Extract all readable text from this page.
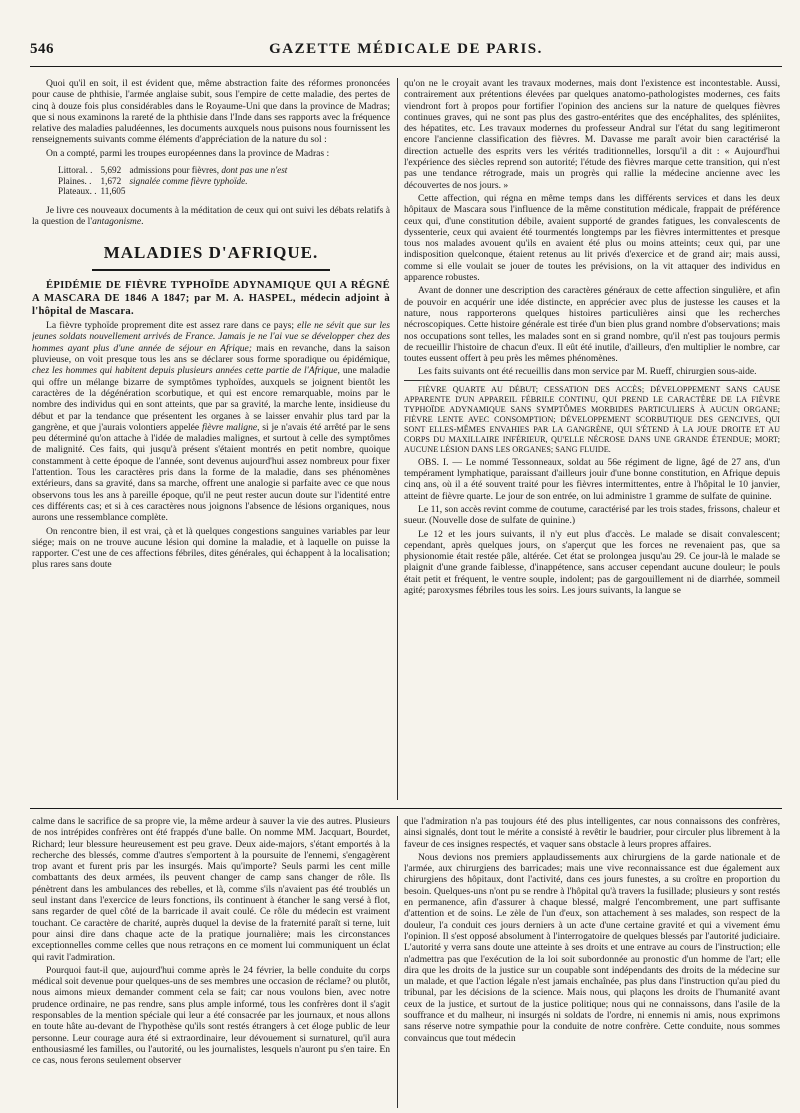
546	GAZETTE MÉDICALE DE PARIS.

Quoi qu'il en soit, il est évident que, même abstraction faite des réformes prononcées pour cause de phthisie, l'armée anglaise subit, sous l'empire de cette maladie, des pertes de cinq à douze fois plus considérables dans le Royaume-Uni que dans la province de Madras; que si nous examinons la rareté de la phthisie dans l'Inde dans ses rapports avec la fréquence relative des maladies paludéennes, les documents auxquels nous puisons nous fournissent les renseignements suivants comme éléments d'appréciation de la nature du sol :

On a compté, parmi les troupes européennes dans la province de Madras :

Littoral. .	5,692	admissions pour fièvres, dont pas une n'est
Plaines. .	1,672	signalée comme fièvre typhoïde.
Plateaux. .	11,605	

Je livre ces nouveaux documents à la méditation de ceux qui ont suivi les débats relatifs à la question de l'antagonisme.

MALADIES D'AFRIQUE.

ÉPIDÉMIE DE FIÈVRE TYPHOÏDE ADYNAMIQUE QUI A RÉGNÉ A MASCARA DE 1846 A 1847; par M. A. HASPEL, médecin adjoint à l'hôpital de Mascara.

La fièvre typhoïde proprement dite est assez rare dans ce pays; elle ne sévit que sur les jeunes soldats nouvellement arrivés de France. Jamais je ne l'ai vue se développer chez des hommes ayant plus d'une année de séjour en Afrique; mais en revanche, dans la saison pluvieuse, on voit presque tous les ans se déclarer sous forme sporadique ou épidémique, chez les hommes qui habitent depuis plusieurs années cette partie de l'Afrique, une maladie qui offre un mélange bizarre de symptômes typhoïdes, auxquels se joignent bientôt les caractères de la dégénération scorbutique, et qui est encore remarquable, moins par le nombre des individus qui en sont atteints, que par sa gravité, la marche lente, insidieuse du début et par la tendance que présentent les organes à se laisser envahir plus tard par la gangrène, et que j'aurais volontiers appelée fièvre maligne, si je n'avais été arrêté par le sens peu déterminé qu'on attache à l'idée de maladies malignes, et surtout à celle des symptômes de malignité. Ces faits, qui jusqu'à présent s'étaient montrés en petit nombre, quoique constamment à cette époque de l'année, sont devenus aujourd'hui assez nombreux pour fixer l'attention. Tous les caractères pris dans la forme de la maladie, dans ses phénomènes extérieurs, dans sa gravité, dans sa marche, offrent une analogie si parfaite avec ce que nous observons tous les ans à pareille époque, qu'il ne peut rester aucun doute sur l'identité entre ces différents cas; et si à ces caractères nous joignons l'absence de lésions organiques, nous aurons une ressemblance complète.

On rencontre bien, il est vrai, çà et là quelques congestions sanguines variables par leur siége; mais on ne trouve aucune lésion qui domine la maladie, et à laquelle on puisse la rapporter. C'est une de ces affections fébriles, dites générales, qui échappent à la localisation; plus rares sans doute

qu'on ne le croyait avant les travaux modernes, mais dont l'existence est incontestable. Aussi, contrairement aux prétentions élevées par quelques anatomo-pathologistes modernes, ces faits viendront fort à propos pour fortifier l'opinion des anciens sur la nature de quelques fièvres continues graves, qui ne sont pas plus des gastro-entérites que des encéphalites, des spléniites, des hépatites, etc. Les travaux modernes du professeur Andral sur l'état du sang legitimeront encore l'ancienne classification des fièvres. M. Davasse me paraît avoir bien caractérisé la direction actuelle des esprits vers les vérités traditionnelles, lorsqu'il a dit : « Aujourd'hui l'expérience des siècles reprend son autorité; l'étude des fièvres marque cette transition, qui n'est pas une tendance rétrograde, mais un progrès qui rallie la médecine ancienne avec les découvertes de nos jours. »

Cette affection, qui régna en même temps dans les différents services et dans les deux hôpitaux de Mascara sous l'influence de la même constitution médicale, frappait de préférence ceux qui, d'une constitution débile, avaient supporté de grandes fatigues, les convalescents de dyssenterie, ceux qui avaient été tourmentés longtemps par les fièvres intermittentes et presque tous nos malades avouent qu'ils en avaient été plus ou moins atteints; ceux qui, par une indisposition quelconque, étaient retenus au lit privés d'exercice et de grand air; mais aussi, comme si elle voulait se jouer de toutes les prévisions, on la vit attaquer des individus en apparence robustes.

Avant de donner une description des caractères généraux de cette affection singulière, et afin de pouvoir en acquérir une idée distincte, en apprécier avec plus de justesse les causes et la nature, nous rapporterons quelques histoires particulières ainsi que les recherches nécroscopiques. Cette histoire générale est tirée d'un bien plus grand nombre d'observations; mais nos occupations sont telles, les malades sont en si grand nombre, qu'il n'est pas toujours permis de recueillir l'histoire de chacun d'eux. Il eût été inutile, d'ailleurs, d'en multiplier le nombre, car toutes eussent offert à peu près les mêmes phénomènes.

Les faits suivants ont été recueillis dans mon service par M. Rueff, chirurgien sous-aide.

FIÈVRE QUARTE AU DÉBUT; CESSATION DES ACCÈS; DÉVELOPPEMENT SANS CAUSE APPARENTE D'UN APPAREIL FÉBRILE CONTINU, QUI PREND LE CARACTÈRE DE LA FIÈVRE TYPHOÏDE ADYNAMIQUE SANS SYMPTÔMES MORBIDES PARTICULIERS À AUCUN ORGANE; FIÈVRE LENTE AVEC CONSOMPTION; DÉVELOPPEMENT SCORBUTIQUE DES GENCIVES, QUI SONT ELLES-MÊMES ENVAHIES PAR LA GANGRÈNE, QUI S'ÉTEND À LA JOUE DROITE ET AU CORPS DU MAXILLAIRE INFÉRIEUR, QU'ELLE NÉCROSE DANS UNE GRANDE ÉTENDUE; MORT; AUCUNE LÉSION DANS LES ORGANES; SANG FLUIDE.

OBS. I. — Le nommé Tessonneaux, soldat au 56e régiment de ligne, âgé de 27 ans, d'un tempérament lymphatique, paraissant d'ailleurs jouir d'une bonne constitution, en Afrique depuis cinq ans, où il a été souvent traité pour les fièvres intermittentes, entre à l'hôpital le 10 janvier, atteint de fièvre quarte. Le jour de son entrée, on lui administre 1 gramme de sulfate de quinine.

Le 11, son accès revint comme de coutume, caractérisé par les trois stades, frissons, chaleur et sueur. (Nouvelle dose de sulfate de quinine.)

Le 12 et les jours suivants, il n'y eut plus d'accès. Le malade se disait convalescent; cependant, après quelques jours, on s'aperçut que les forces ne revenaient pas, que sa physionomie était restée pâle, altérée. Cet état se prolongea jusqu'au 29. Ce jour-là le malade se plaignit d'une grande faiblesse, d'inappétence, sans accuser cependant aucune douleur; le pouls était petit et fréquent, le ventre souple, indolent; pas de gargouillement ni de diarrhée, sommeil agité; paroxysmes fébriles tous les soirs. Les jours suivants, la langue se

calme dans le sacrifice de sa propre vie, la même ardeur à sauver la vie des autres. Plusieurs de nos intrépides confrères ont été frappés d'une balle. On nomme MM. Jacquart, Bourdet, Richard; leur blessure heureusement est peu grave. Deux aide-majors, s'étant emportés à la recherche des blessés, comme d'autres s'emportent à la poursuite de l'ennemi, s'engagèrent trop avant et furent pris par les insurgés. Mais qu'importe? Seuls parmi les cent mille combattants des deux armées, ils peuvent changer de camp sans changer de rôle. Ils pénètrent dans les ambulances des rebelles, et là, comme s'ils n'avaient pas été troublés un seul instant dans l'exercice de leurs fonctions, ils continuent à étancher le sang versé à flot, sans regarder de quel côté de la barricade il avait coulé. Ce rôle du médecin est vraiment touchant. Ce caractère de charité, auprès duquel la devise de la fraternité paraît si terne, luit pour ainsi dire dans chaque acte de la pratique journalière; mais les circonstances exceptionnelles comme celles que nous retraçons en ce moment lui communiquent un éclat qui ravit l'admiration.

Pourquoi faut-il que, aujourd'hui comme après le 24 février, la belle conduite du corps médical soit devenue pour quelques-uns de ses membres une occasion de réclame? ou plutôt, nous aimons mieux demander comment cela se fait; car nous voulons bien, avec notre prudence ordinaire, ne pas rendre, sans plus ample informé, tous les confrères dont il s'agit responsables de la mention spéciale qui leur a été consacrée par les journaux, et nous allons en toute hâte au-devant de l'hypothèse qu'ils sont restés étrangers à cet éloge public de leur personne. Leur courage aura été si extraordinaire, leur dévouement si surnaturel, qu'il aura enthousiasmé les familles, ou l'autorité, ou les journalistes, lesquels n'auront pu s'en taire. En ce cas, nous ferons seulement observer

que l'admiration n'a pas toujours été des plus intelligentes, car nous connaissons des confrères, ainsi signalés, dont tout le mérite a consisté à revêtir le baudrier, pour circuler plus librement à la faveur de ces insignes respectés, et vaquer sans obstacle à leurs propres affaires.

Nous devions nos premiers applaudissements aux chirurgiens de la garde nationale et de l'armée, aux chirurgiens des barricades; mais une vive reconnaissance est due également aux chirurgiens des hôpitaux, dont l'activité, dans ces jours funestes, a su croître en proportion du besoin. Quelques-uns n'ont pu se rendre à l'hôpital qu'à travers la fusillade; plusieurs y sont restés en permanence, afin d'assurer à chaque blessé, malgré l'encombrement, une part suffisante d'attention et de soins. Le zèle de l'un d'eux, son attachement à ses malades, son respect de la douleur, l'a conduit ces jours derniers à un acte d'une certaine gravité et qui a vivement ému l'opinion. Il s'est opposé absolument à l'interrogatoire de quelques blessés par l'autorité judiciaire. L'autorité y verra sans doute une atteinte à ses droits et une entrave au cours de l'instruction; elle n'admettra pas que l'exécution de la loi soit subordonnée au pronostic d'un homme de l'art; elle dira que les droits de la justice sur un coupable sont indépendants des droits de la médecine sur un malade, et que l'action légale n'est jamais enchaînée, pas plus dans l'instruction qu'au pied du tribunal, par les décisions de la science. Mais nous, qui plaçons les droits de l'humanité avant ceux de la justice, et surtout de la justice politique; nous qui ne connaissons, dans l'asile de la souffrance et du malheur, ni insurgés ni soldats de l'ordre, ni ennemis ni amis, nous exprimons sans réserve notre sympathie pour la conduite de notre confrère. Cette conduite, nous sommes convaincus que tout médecin
